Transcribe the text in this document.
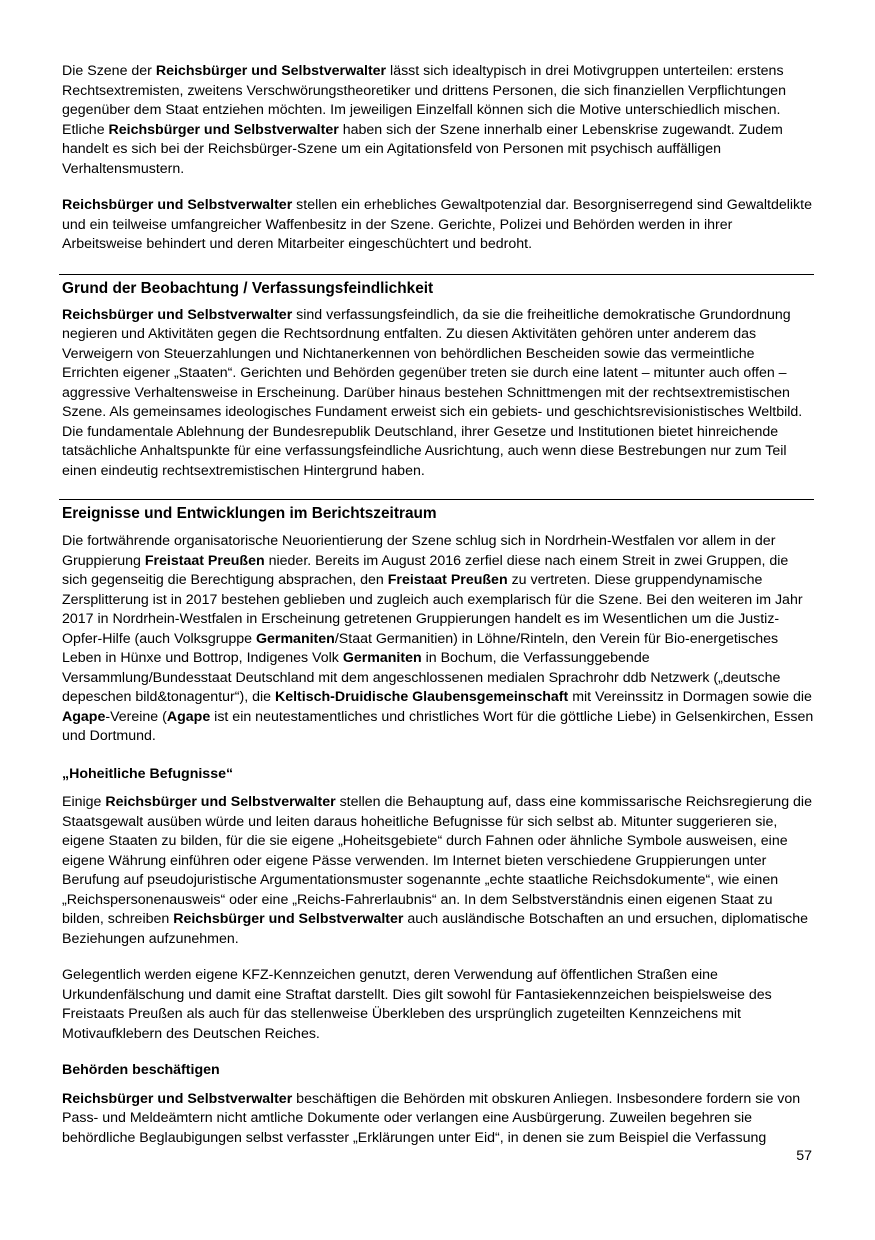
Die Szene der Reichsbürger und Selbstverwalter lässt sich idealtypisch in drei Motivgruppen unterteilen: erstens Rechtsextremisten, zweitens Verschwörungstheoretiker und drittens Personen, die sich finanziellen Verpflichtungen gegenüber dem Staat entziehen möchten. Im jeweiligen Einzelfall können sich die Motive unterschiedlich mischen. Etliche Reichsbürger und Selbstverwalter haben sich der Szene innerhalb einer Lebenskrise zugewandt. Zudem handelt es sich bei der Reichsbürger-Szene um ein Agitationsfeld von Personen mit psychisch auffälligen Verhaltensmustern.

Reichsbürger und Selbstverwalter stellen ein erhebliches Gewaltpotenzial dar. Besorgniserregend sind Gewaltdelikte und ein teilweise umfangreicher Waffenbesitz in der Szene. Gerichte, Polizei und Behörden werden in ihrer Arbeitsweise behindert und deren Mitarbeiter eingeschüchtert und bedroht.

Grund der Beobachtung / Verfassungsfeindlichkeit

Reichsbürger und Selbstverwalter sind verfassungsfeindlich, da sie die freiheitliche demokratische Grundordnung negieren und Aktivitäten gegen die Rechtsordnung entfalten. Zu diesen Aktivitäten gehören unter anderem das Verweigern von Steuerzahlungen und Nichtanerkennen von behördlichen Bescheiden sowie das vermeintliche Errichten eigener „Staaten“. Gerichten und Behörden gegenüber treten sie durch eine latent – mitunter auch offen – aggressive Verhaltensweise in Erscheinung. Darüber hinaus bestehen Schnittmengen mit der rechtsextremistischen Szene. Als gemeinsames ideologisches Fundament erweist sich ein gebiets- und geschichtsrevisionistisches Weltbild. Die fundamentale Ablehnung der Bundesrepublik Deutschland, ihrer Gesetze und Institutionen bietet hinreichende tatsächliche Anhaltspunkte für eine verfassungsfeindliche Ausrichtung, auch wenn diese Bestrebungen nur zum Teil einen eindeutig rechtsextremistischen Hintergrund haben.

Ereignisse und Entwicklungen im Berichtszeitraum

Die fortwährende organisatorische Neuorientierung der Szene schlug sich in Nordrhein-Westfalen vor allem in der Gruppierung Freistaat Preußen nieder. Bereits im August 2016 zerfiel diese nach einem Streit in zwei Gruppen, die sich gegenseitig die Berechtigung absprachen, den Freistaat Preußen zu vertreten. Diese gruppendynamische Zersplitterung ist in 2017 bestehen geblieben und zugleich auch exemplarisch für die Szene. Bei den weiteren im Jahr 2017 in Nordrhein-Westfalen in Erscheinung getretenen Gruppierungen handelt es im Wesentlichen um die Justiz-Opfer-Hilfe (auch Volksgruppe Germaniten/Staat Germanitien) in Löhne/Rinteln, den Verein für Bio-energetisches Leben in Hünxe und Bottrop, Indigenes Volk Germaniten in Bochum, die Verfassunggebende Versammlung/Bundesstaat Deutschland mit dem angeschlossenen medialen Sprachrohr ddb Netzwerk („deutsche depeschen bild&tonagentur“), die Keltisch-Druidische Glaubensgemeinschaft mit Vereinssitz in Dormagen sowie die Agape-Vereine (Agape ist ein neutestamentliches und christliches Wort für die göttliche Liebe) in Gelsenkirchen, Essen und Dortmund.

„Hoheitliche Befugnisse“

Einige Reichsbürger und Selbstverwalter stellen die Behauptung auf, dass eine kommissarische Reichsregierung die Staatsgewalt ausüben würde und leiten daraus hoheitliche Befugnisse für sich selbst ab. Mitunter suggerieren sie, eigene Staaten zu bilden, für die sie eigene „Hoheitsgebiete“ durch Fahnen oder ähnliche Symbole ausweisen, eine eigene Währung einführen oder eigene Pässe verwenden. Im Internet bieten verschiedene Gruppierungen unter Berufung auf pseudojuristische Argumentationsmuster sogenannte „echte staatliche Reichsdokumente“, wie einen „Reichspersonenausweis“ oder eine „Reichs-Fahrerlaubnis“ an. In dem Selbstverständnis einen eigenen Staat zu bilden, schreiben Reichsbürger und Selbstverwalter auch ausländische Botschaften an und ersuchen, diplomatische Beziehungen aufzunehmen.

Gelegentlich werden eigene KFZ-Kennzeichen genutzt, deren Verwendung auf öffentlichen Straßen eine Urkundenfälschung und damit eine Straftat darstellt. Dies gilt sowohl für Fantasiekennzeichen beispielsweise des Freistaats Preußen als auch für das stellenweise Überkleben des ursprünglich zugeteilten Kennzeichens mit Motivaufklebern des Deutschen Reiches.

Behörden beschäftigen

Reichsbürger und Selbstverwalter beschäftigen die Behörden mit obskuren Anliegen. Insbesondere fordern sie von Pass- und Meldeämtern nicht amtliche Dokumente oder verlangen eine Ausbürgerung. Zuweilen begehren sie behördliche Beglaubigungen selbst verfasster „Erklärungen unter Eid“, in denen sie zum Beispiel die Verfassung

57
